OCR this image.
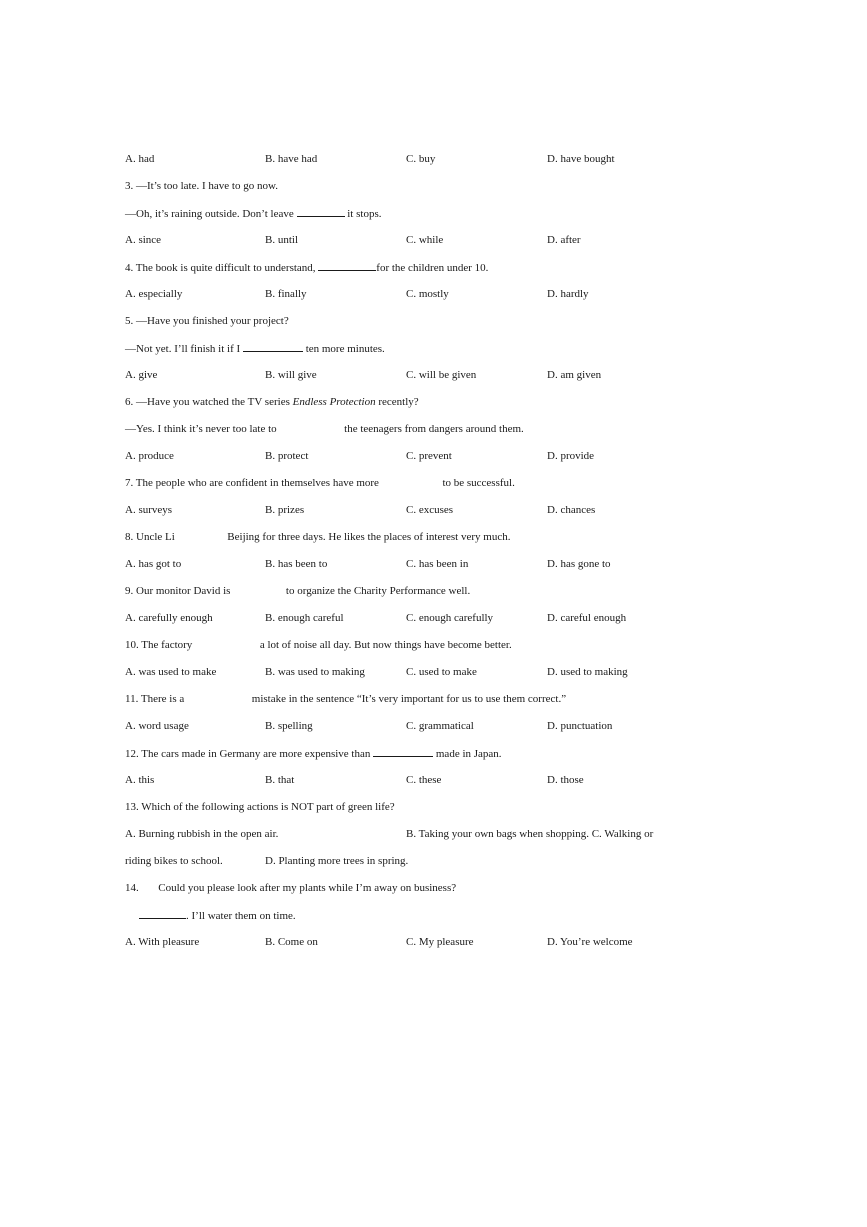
A. had	B. have had	C. buy	D. have bought
3. —It’s too late. I have to go now.
—Oh, it’s raining outside. Don’t leave	it stops.
A. since	B. until	C. while	D. after
4. The book is quite difficult to understand,	for the children under 10.
A. especially	B. finally	C. mostly	D. hardly
5. —Have you finished your project?
—Not yet. I’ll finish it if I	ten more minutes.
A. give	B. will give	C. will be given	D. am given
6. —Have you watched the TV series Endless Protection recently?
—Yes. I think it’s never too late to	the teenagers from dangers around them.
A. produce	B. protect	C. prevent	D. provide
7. The people who are confident in themselves have more	to be successful.
A. surveys	B. prizes	C. excuses	D. chances
8. Uncle Li	Beijing for three days. He likes the places of interest very much.
A. has got to	B. has been to	C. has been in	D. has gone to
9. Our monitor David is	to organize the Charity Performance well.
A. carefully enough	B. enough careful	C. enough carefully	D. careful enough
10. The factory	a lot of noise all day. But now things have become better.
A. was used to make	B. was used to making	C. used to make	D. used to making
11. There is a	mistake in the sentence “It’s very important for us to use them correct.”
A. word usage	B. spelling	C. grammatical	D. punctuation
12. The cars made in Germany are more expensive than	made in Japan.
A. this	B. that	C. these	D. those
13. Which of the following actions is NOT part of green life?
A. Burning rubbish in the open air.	B. Taking your own bags when shopping. C. Walking or
riding bikes to school.	D. Planting more trees in spring.
14. Could you please look after my plants while I’m away on business?
. I’ll water them on time.
A. With pleasure	B. Come on	C. My pleasure	D. You’re welcome
